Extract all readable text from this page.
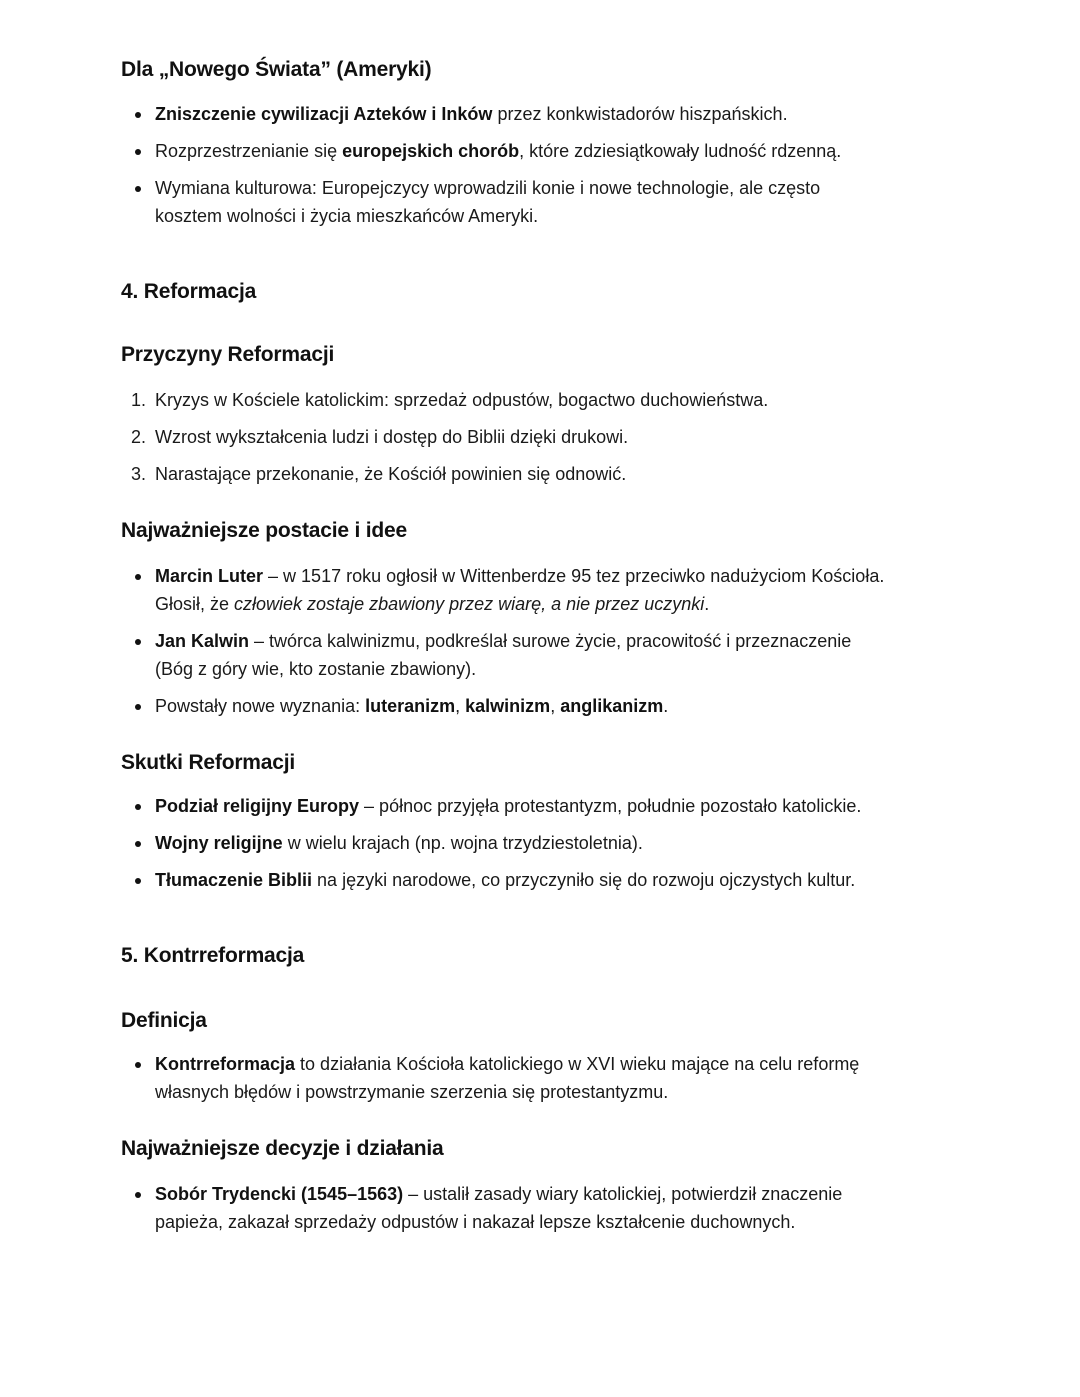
Dla „Nowego Świata” (Ameryki)
Zniszczenie cywilizacji Azteków i Inków przez konkwistadorów hiszpańskich.
Rozprzestrzenianie się europejskich chorób, które zdziesiątkowały ludność rdzenną.
Wymiana kulturowa: Europejczycy wprowadzili konie i nowe technologie, ale często
kosztem wolności i życia mieszkańców Ameryki.
4. Reformacja
Przyczyny Reformacji
1. Kryzys w Kościele katolickim: sprzedaż odpustów, bogactwo duchowieństwa.
2. Wzrost wykształcenia ludzi i dostęp do Biblii dzięki drukowi.
3. Narastające przekonanie, że Kościół powinien się odnowić.
Najważniejsze postacie i idee
Marcin Luter – w 1517 roku ogłosił w Wittenberdze 95 tez przeciwko nadużyciom Kościoła.
Głosił, że człowiek zostaje zbawiony przez wiarę, a nie przez uczynki.
Jan Kalwin – twórca kalwinizmu, podkreślał surowe życie, pracowitość i przeznaczenie
(Bóg z góry wie, kto zostanie zbawiony).
Powstały nowe wyznania: luteranizm, kalwinizm, anglikanizm.
Skutki Reformacji
Podział religijny Europy – północ przyjęła protestantyzm, południe pozostało katolickie.
Wojny religijne w wielu krajach (np. wojna trzydziestoletnia).
Tłumaczenie Biblii na języki narodowe, co przyczyniło się do rozwoju ojczystych kultur.
5. Kontrreformacja
Definicja
Kontrreformacja to działania Kościoła katolickiego w XVI wieku mające na celu reformę
własnych błędów i powstrzymanie szerzenia się protestantyzmu.
Najważniejsze decyzje i działania
Sobór Trydencki (1545–1563) – ustalił zasady wiary katolickiej, potwierdził znaczenie
papieża, zakazał sprzedaży odpustów i nakazał lepsze kształcenie duchownych.
